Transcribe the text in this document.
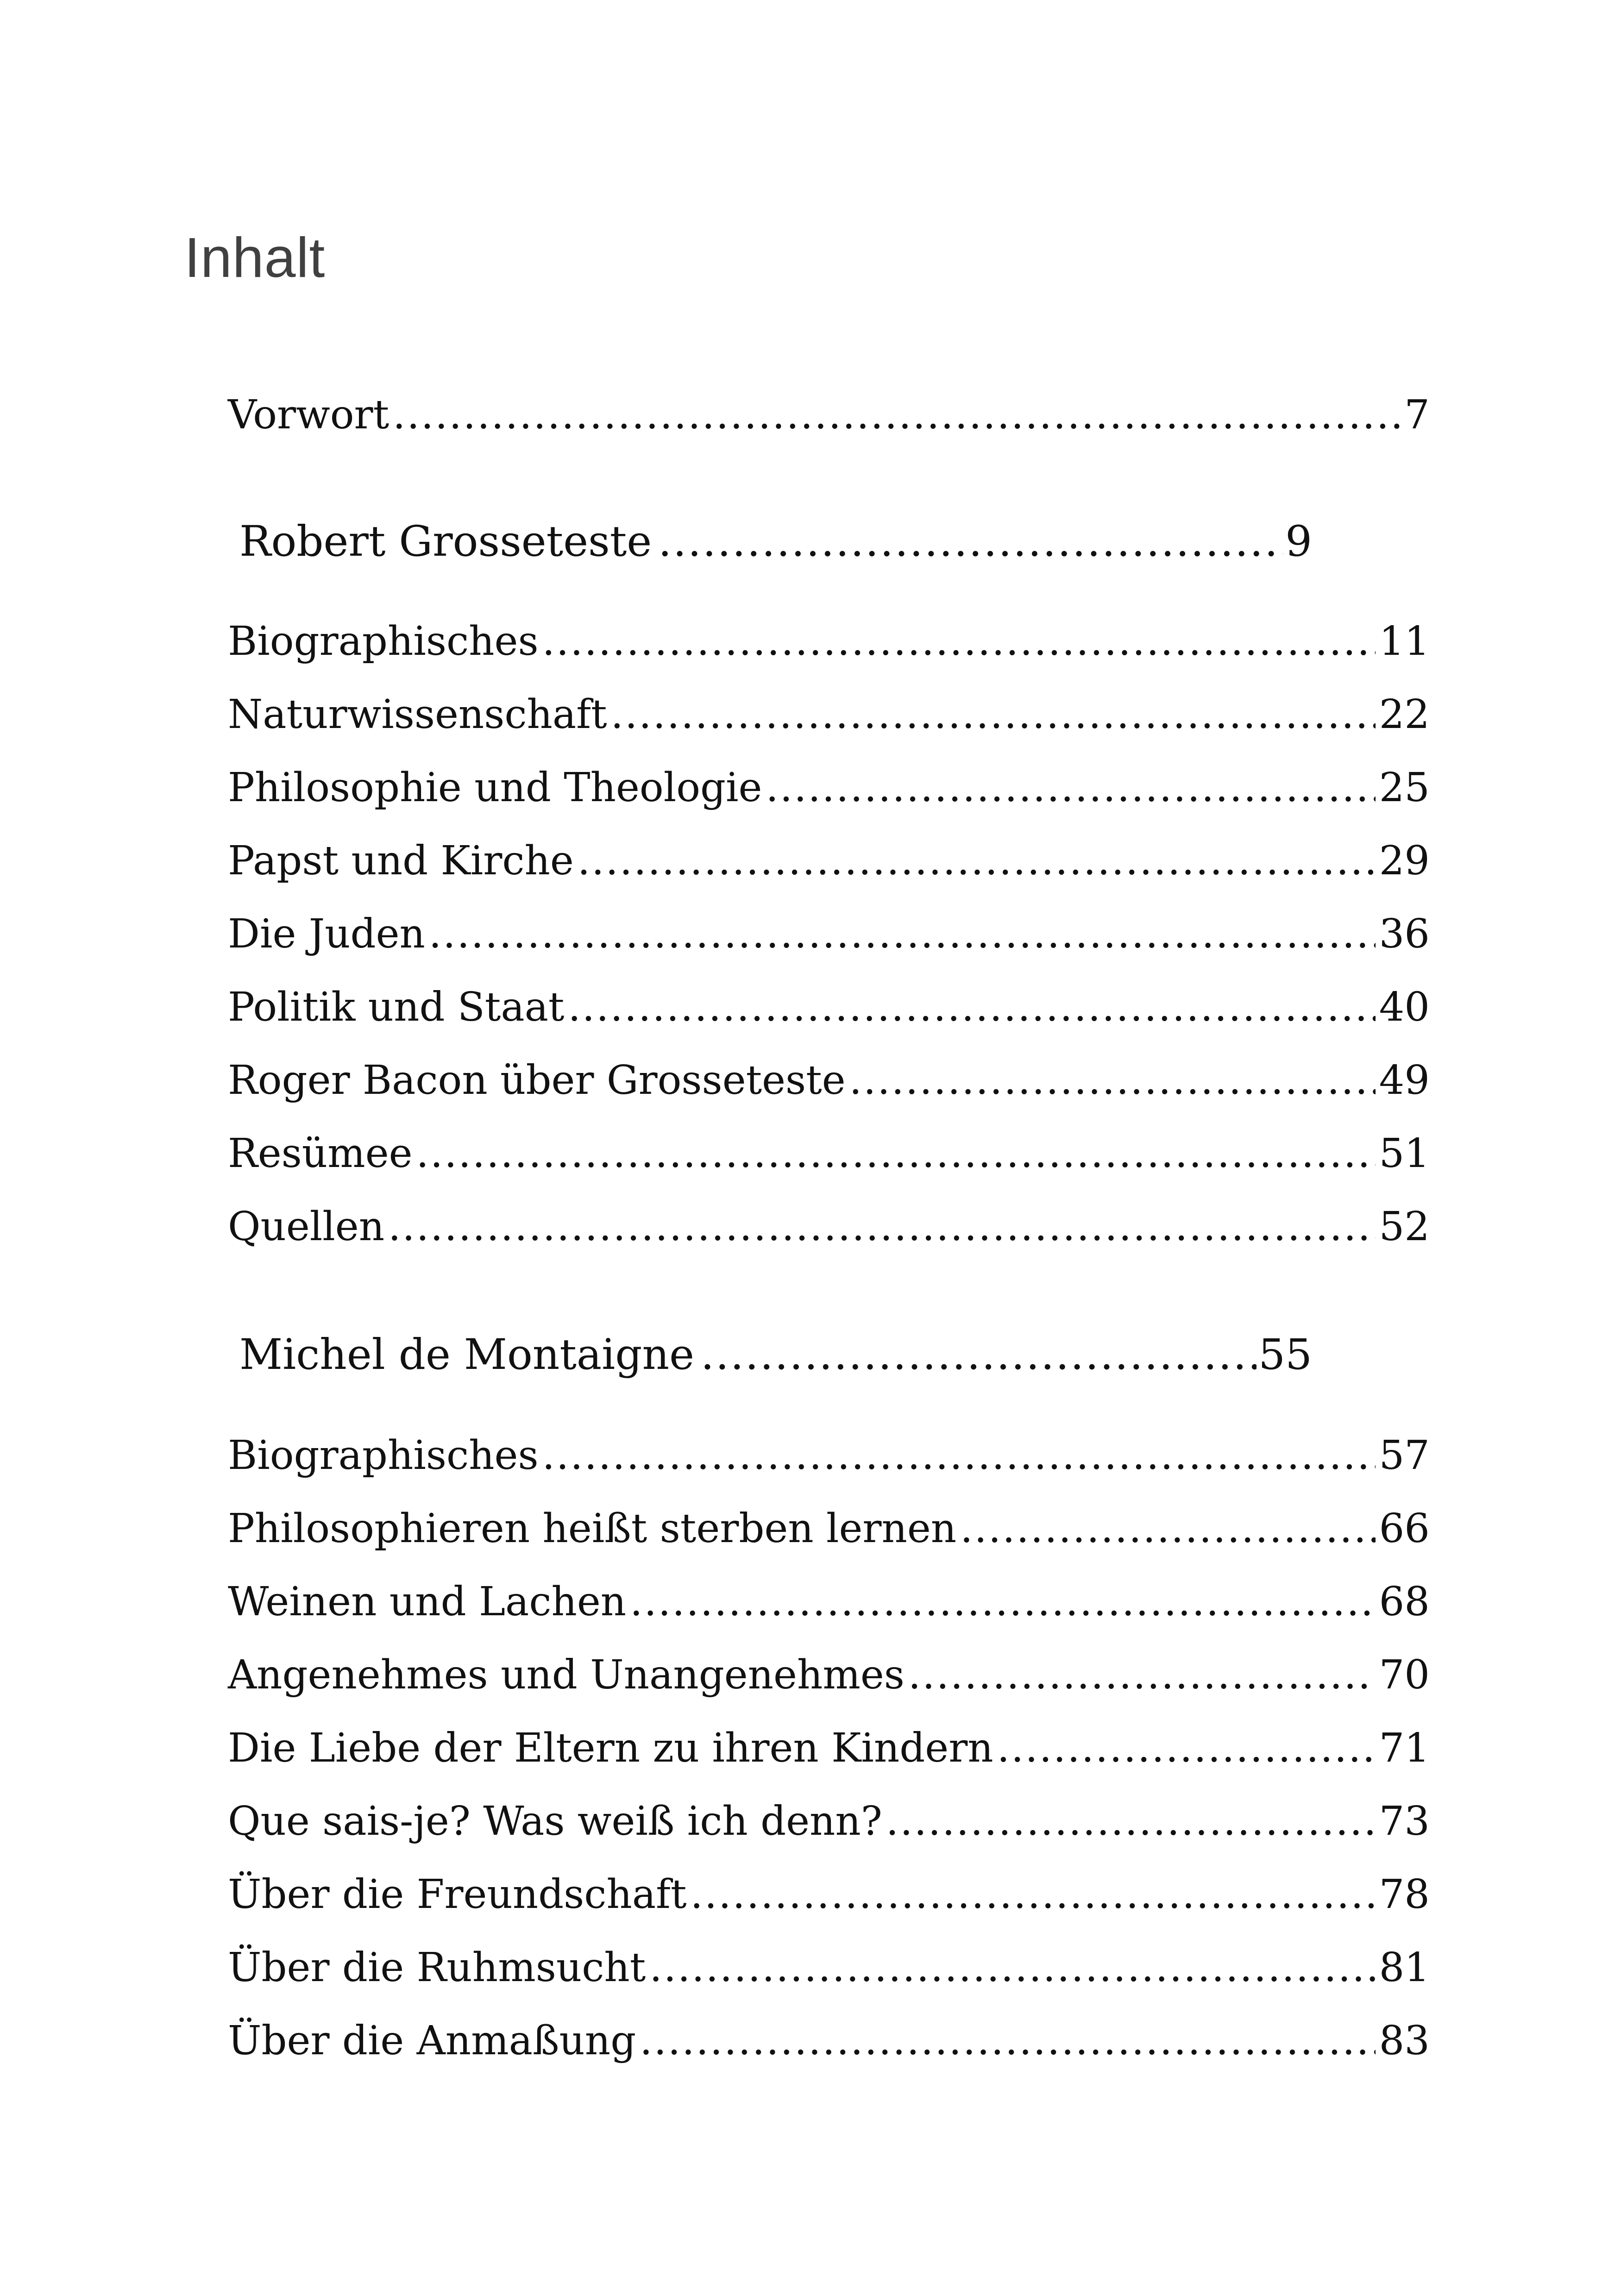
Inhalt
Vorwort .....	7
Robert Grosseteste .....	9
Biographisches .....	11
Naturwissenschaft .....	22
Philosophie und Theologie .....	25
Papst und Kirche .....	29
Die Juden .....	36
Politik und Staat .....	40
Roger Bacon über Grosseteste .....	49
Resümee .....	51
Quellen .....	52
Michel de Montaigne .....	55
Biographisches .....	57
Philosophieren heißt sterben lernen .....	66
Weinen und Lachen .....	68
Angenehmes und Unangenehmes .....	70
Die Liebe der Eltern zu ihren Kindern .....	71
Que sais-je? Was weiß ich denn? .....	73
Über die Freundschaft .....	78
Über die Ruhmsucht .....	81
Über die Anmaßung .....	83
